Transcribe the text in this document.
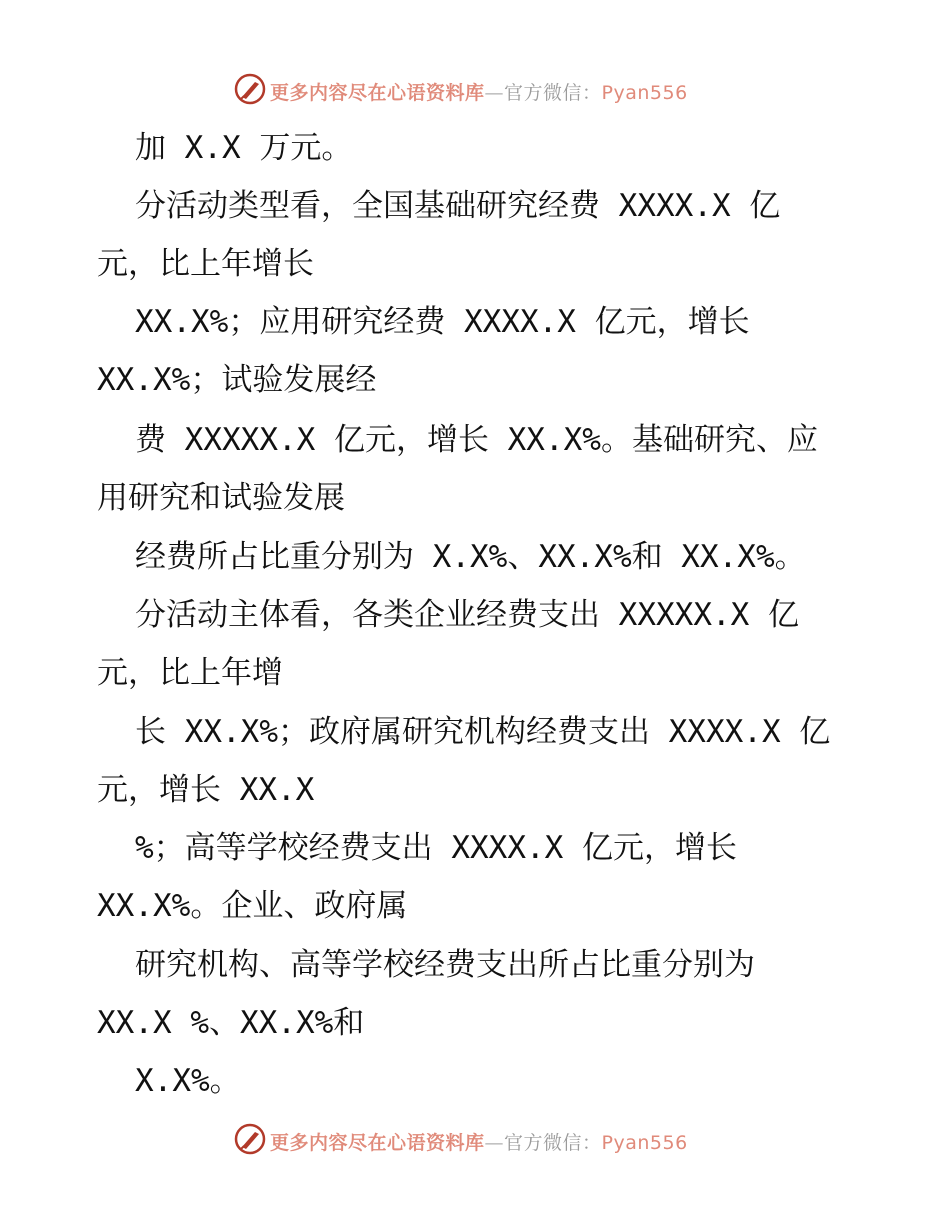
更多内容尽在心语资料库—官方微信：Pyan556
加 X.X 万元。
分活动类型看，全国基础研究经费 XXXX.X 亿
元，比上年增长
XX.X%；应用研究经费 XXXX.X 亿元，增长
XX.X%；试验发展经
费 XXXXX.X 亿元，增长 XX.X%。基础研究、应
用研究和试验发展
经费所占比重分别为 X.X%、XX.X%和 XX.X%。
分活动主体看，各类企业经费支出 XXXXX.X 亿
元，比上年增
长 XX.X%；政府属研究机构经费支出 XXXX.X 亿
元，增长 XX.X
%；高等学校经费支出 XXXX.X 亿元，增长
XX.X%。企业、政府属
研究机构、高等学校经费支出所占比重分别为
XX.X %、XX.X%和
X.X%。
更多内容尽在心语资料库—官方微信：Pyan556
